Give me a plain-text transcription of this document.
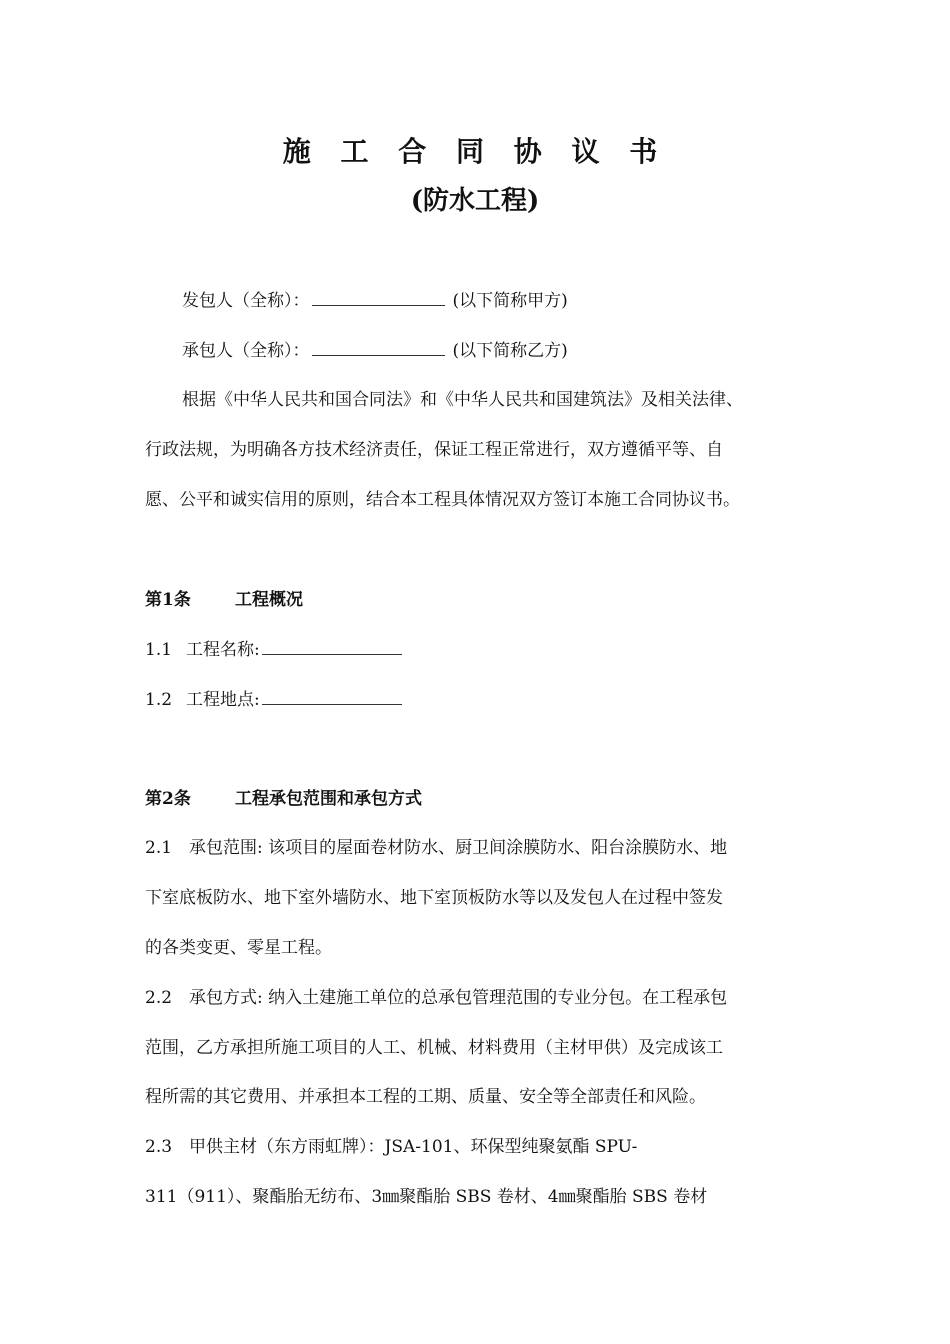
施 工 合 同 协 议 书
(防水工程)
发包人（全称）：	(以下简称甲方)
承包人（全称）：	(以下简称乙方)
根据《中华人民共和国合同法》和《中华人民共和国建筑法》及相关法律、
行政法规，为明确各方技术经济责任，保证工程正常进行，双方遵循平等、自
愿、公平和诚实信用的原则，结合本工程具体情况双方签订本施工合同协议书。
第1条	工程概况
1.1 工程名称:
1.2 工程地点:
第2条	工程承包范围和承包方式
2.1　承包范围: 该项目的屋面卷材防水、厨卫间涂膜防水、阳台涂膜防水、地
下室底板防水、地下室外墙防水、地下室顶板防水等以及发包人在过程中签发
的各类变更、零星工程。
2.2　承包方式: 纳入土建施工单位的总承包管理范围的专业分包。在工程承包
范围，乙方承担所施工项目的人工、机械、材料费用（主材甲供）及完成该工
程所需的其它费用、并承担本工程的工期、质量、安全等全部责任和风险。
2.3　甲供主材（东方雨虹牌）：JSA-101、环保型纯聚氨酯 SPU-
311（911）、聚酯胎无纺布、3㎜聚酯胎 SBS 卷材、4㎜聚酯胎 SBS 卷材
